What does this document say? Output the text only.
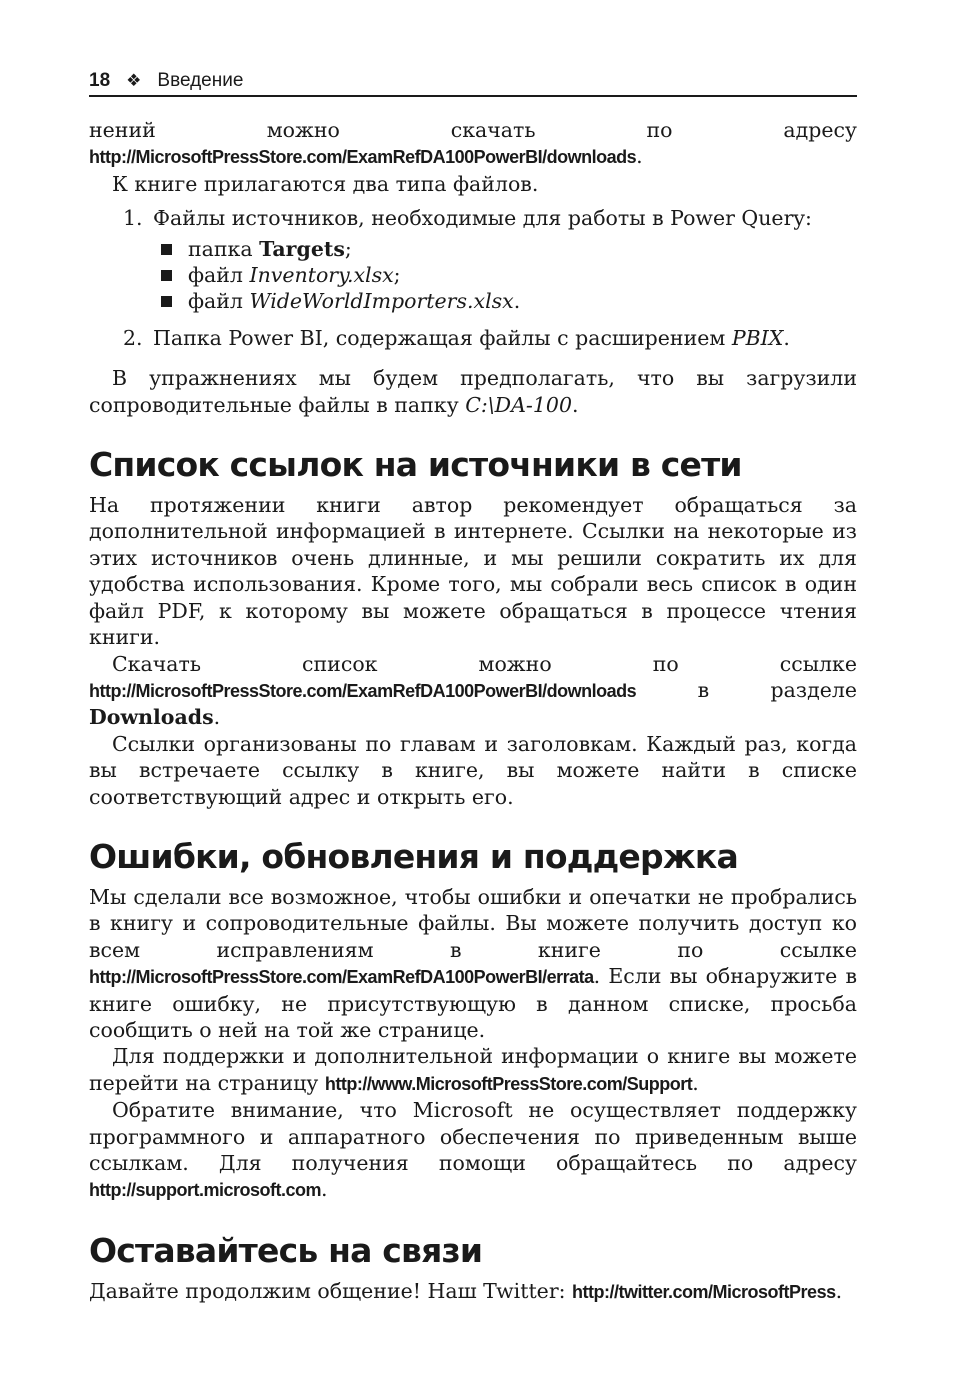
18 ❖ Введение

нений можно скачать по адресу http://MicrosoftPressStore.com/ExamRefDA100PowerBI/downloads.

К книге прилагаются два типа файлов.

1. Файлы источников, необходимые для работы в Power Query:
папка Targets;
файл Inventory.xlsx;
файл WideWorldImporters.xlsx.
2. Папка Power BI, содержащая файлы с расширением PBIX.

В упражнениях мы будем предполагать, что вы загрузили сопроводительные файлы в папку C:\DA-100.

Список ссылок на источники в сети

На протяжении книги автор рекомендует обращаться за дополнительной информацией в интернете. Ссылки на некоторые из этих источников очень длинные, и мы решили сократить их для удобства использования. Кроме того, мы собрали весь список в один файл PDF, к которому вы можете обращаться в процессе чтения книги.

Скачать список можно по ссылке http://MicrosoftPressStore.com/ExamRefDA100PowerBI/downloads в разделе Downloads.

Ссылки организованы по главам и заголовкам. Каждый раз, когда вы встречаете ссылку в книге, вы можете найти в списке соответствующий адрес и открыть его.

Ошибки, обновления и поддержка

Мы сделали все возможное, чтобы ошибки и опечатки не пробрались в книгу и сопроводительные файлы. Вы можете получить доступ ко всем исправлениям в книге по ссылке http://MicrosoftPressStore.com/ExamRefDA100PowerBI/errata. Если вы обнаружите в книге ошибку, не присутствующую в данном списке, просьба сообщить о ней на той же странице.

Для поддержки и дополнительной информации о книге вы можете перейти на страницу http://www.MicrosoftPressStore.com/Support.

Обратите внимание, что Microsoft не осуществляет поддержку программного и аппаратного обеспечения по приведенным выше ссылкам. Для получения помощи обращайтесь по адресу http://support.microsoft.com.

Оставайтесь на связи

Давайте продолжим общение! Наш Twitter: http://twitter.com/MicrosoftPress.
